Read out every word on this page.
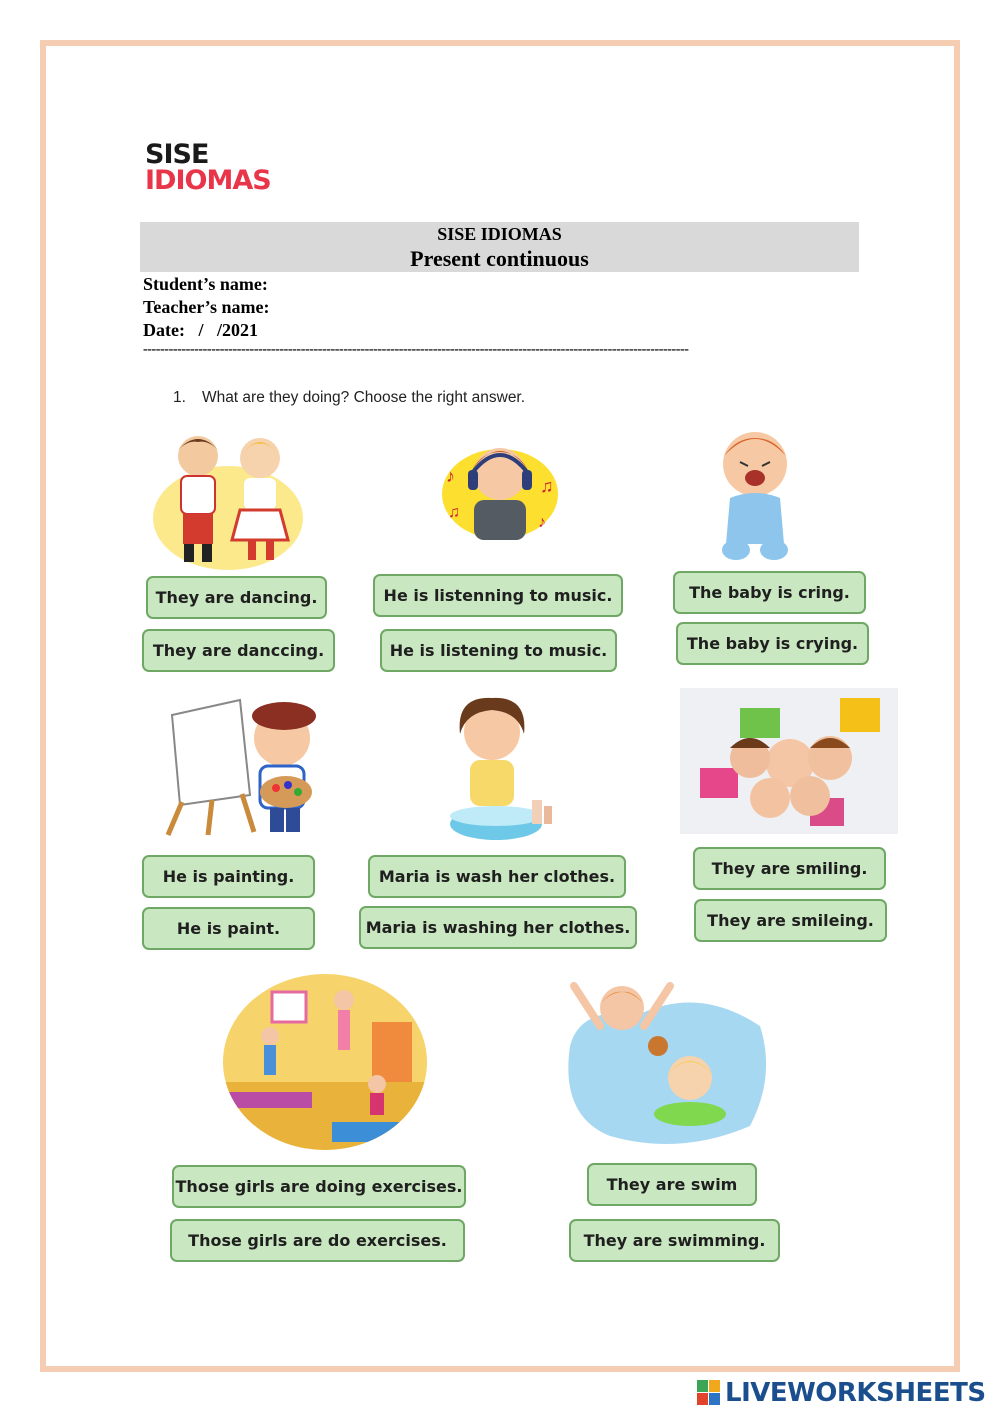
SISE
IDIOMAS
SISE IDIOMAS
Present continuous
Student’s name:
Teacher’s name:
Date:   /   /2021
--------------------------------------------------------------------------------------------------------------------------------
1. What are they doing? Choose the right answer.
♪	♫
♪
♫
They are dancing.
They are danccing.
He is listenning to music.
He is listening to music.
The baby is cring.
The baby is crying.
He is painting.
He is paint.
Maria is wash her clothes.
Maria is washing her clothes.
They are smiling.
They are smileing.
Those girls are doing exercises.
Those girls are do exercises.
They are swim
They are swimming.
LIVEWORKSHEETS
